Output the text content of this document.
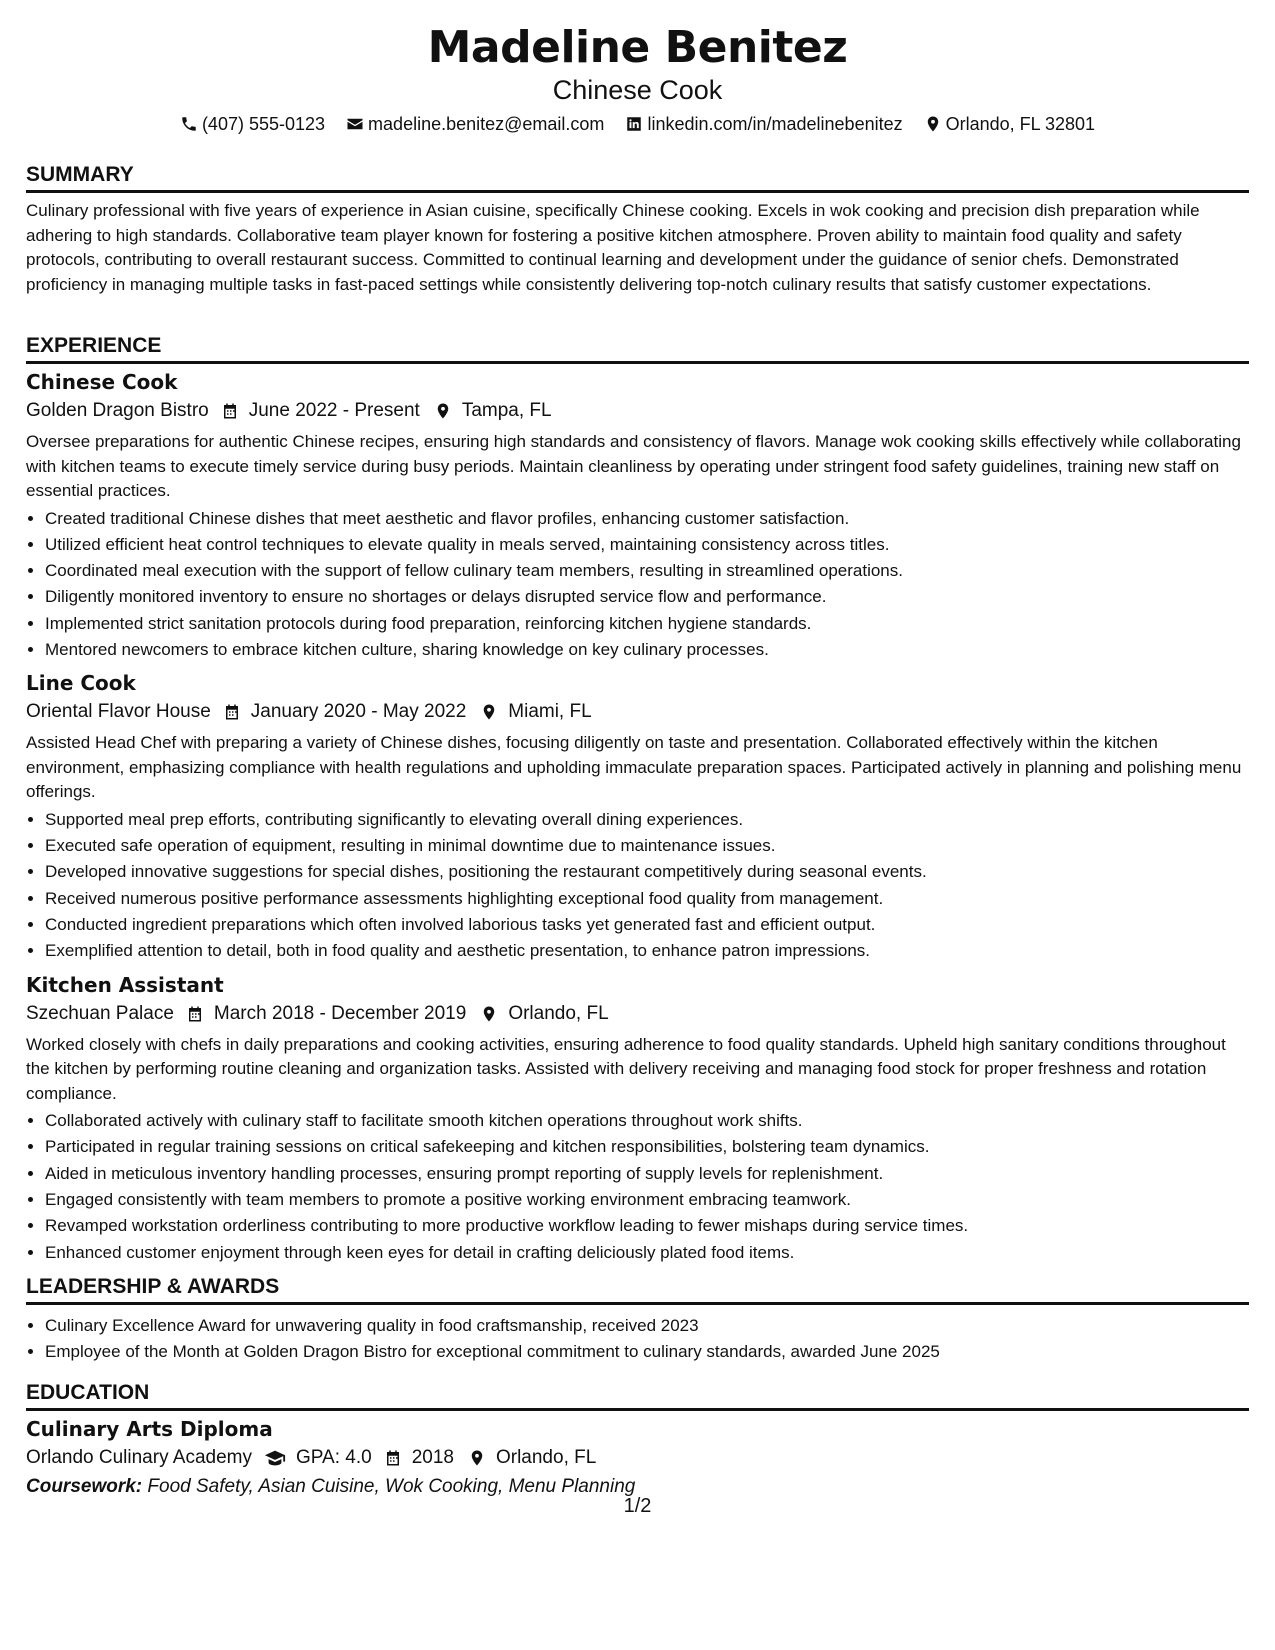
Madeline Benitez
Chinese Cook
(407) 555-0123
madeline.benitez@email.com
linkedin.com/in/madelinebenitez
Orlando, FL 32801
SUMMARY
Culinary professional with five years of experience in Asian cuisine, specifically Chinese cooking. Excels in wok cooking and precision dish preparation while adhering to high standards. Collaborative team player known for fostering a positive kitchen atmosphere. Proven ability to maintain food quality and safety protocols, contributing to overall restaurant success. Committed to continual learning and development under the guidance of senior chefs. Demonstrated proficiency in managing multiple tasks in fast-paced settings while consistently delivering top-notch culinary results that satisfy customer expectations.
EXPERIENCE
Chinese Cook
Golden Dragon Bistro June 2022 - Present Tampa, FL
Oversee preparations for authentic Chinese recipes, ensuring high standards and consistency of flavors. Manage wok cooking skills effectively while collaborating with kitchen teams to execute timely service during busy periods. Maintain cleanliness by operating under stringent food safety guidelines, training new staff on essential practices.
• Created traditional Chinese dishes that meet aesthetic and flavor profiles, enhancing customer satisfaction.
• Utilized efficient heat control techniques to elevate quality in meals served, maintaining consistency across titles.
• Coordinated meal execution with the support of fellow culinary team members, resulting in streamlined operations.
• Diligently monitored inventory to ensure no shortages or delays disrupted service flow and performance.
• Implemented strict sanitation protocols during food preparation, reinforcing kitchen hygiene standards.
• Mentored newcomers to embrace kitchen culture, sharing knowledge on key culinary processes.
Line Cook
Oriental Flavor House January 2020 - May 2022 Miami, FL
Assisted Head Chef with preparing a variety of Chinese dishes, focusing diligently on taste and presentation. Collaborated effectively within the kitchen environment, emphasizing compliance with health regulations and upholding immaculate preparation spaces. Participated actively in planning and polishing menu offerings.
• Supported meal prep efforts, contributing significantly to elevating overall dining experiences.
• Executed safe operation of equipment, resulting in minimal downtime due to maintenance issues.
• Developed innovative suggestions for special dishes, positioning the restaurant competitively during seasonal events.
• Received numerous positive performance assessments highlighting exceptional food quality from management.
• Conducted ingredient preparations which often involved laborious tasks yet generated fast and efficient output.
• Exemplified attention to detail, both in food quality and aesthetic presentation, to enhance patron impressions.
Kitchen Assistant
Szechuan Palace March 2018 - December 2019 Orlando, FL
Worked closely with chefs in daily preparations and cooking activities, ensuring adherence to food quality standards. Upheld high sanitary conditions throughout the kitchen by performing routine cleaning and organization tasks. Assisted with delivery receiving and managing food stock for proper freshness and rotation compliance.
• Collaborated actively with culinary staff to facilitate smooth kitchen operations throughout work shifts.
• Participated in regular training sessions on critical safekeeping and kitchen responsibilities, bolstering team dynamics.
• Aided in meticulous inventory handling processes, ensuring prompt reporting of supply levels for replenishment.
• Engaged consistently with team members to promote a positive working environment embracing teamwork.
• Revamped workstation orderliness contributing to more productive workflow leading to fewer mishaps during service times.
• Enhanced customer enjoyment through keen eyes for detail in crafting deliciously plated food items.
LEADERSHIP & AWARDS
• Culinary Excellence Award for unwavering quality in food craftsmanship, received 2023
• Employee of the Month at Golden Dragon Bistro for exceptional commitment to culinary standards, awarded June 2025
EDUCATION
Culinary Arts Diploma
Orlando Culinary Academy GPA: 4.0 2018 Orlando, FL
Coursework: Food Safety, Asian Cuisine, Wok Cooking, Menu Planning
1/2
